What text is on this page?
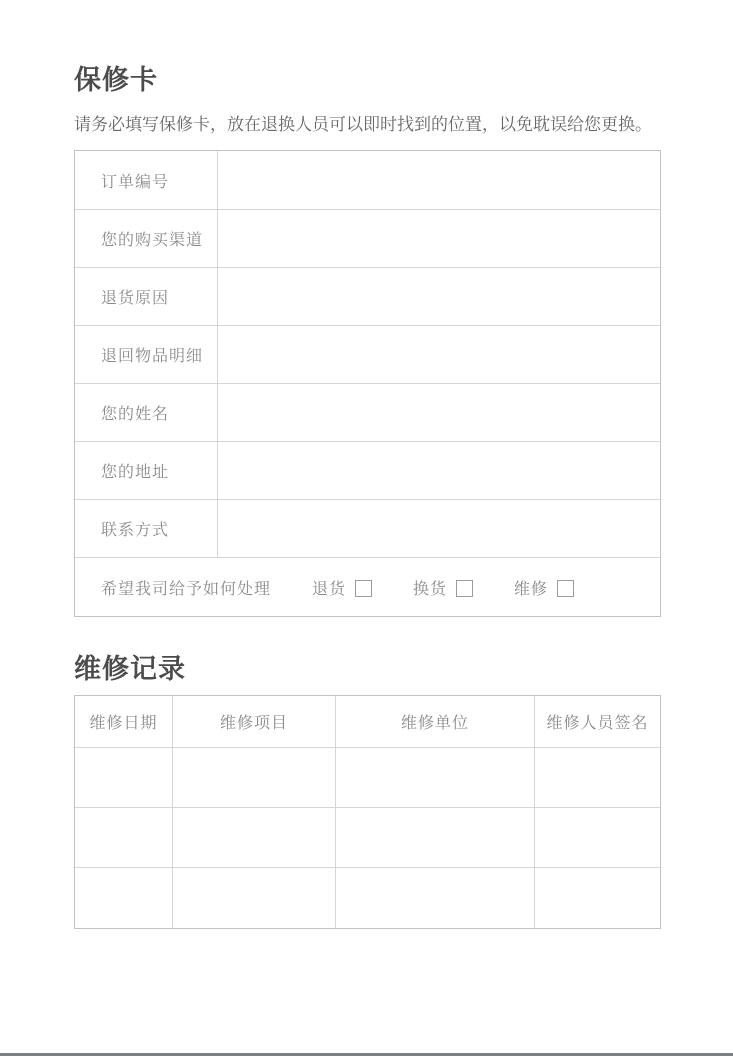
保修卡

请务必填写保修卡，放在退换人员可以即时找到的位置，以免耽误给您更换。

订单编号
您的购买渠道
退货原因
退回物品明细
您的姓名
您的地址
联系方式
希望我司给予如何处理	退货	换货	维修
维修记录
维修日期	维修项目	维修单位	维修人员签名
